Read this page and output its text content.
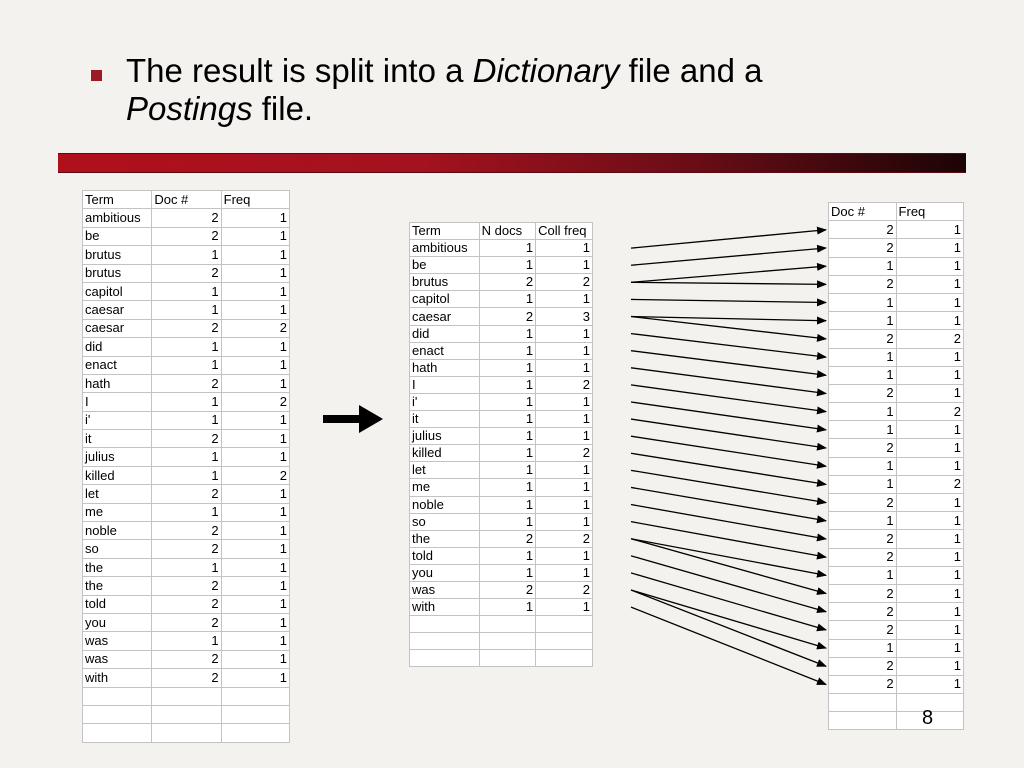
The result is split into a Dictionary file and a
Postings file.
Term	Doc #	Freq
ambitious	2	1
be	2	1
brutus	1	1
brutus	2	1
capitol	1	1
caesar	1	1
caesar	2	2
did	1	1
enact	1	1
hath	2	1
I	1	2
i'	1	1
it	2	1
julius	1	1
killed	1	2
let	2	1
me	1	1
noble	2	1
so	2	1
the	1	1
the	2	1
told	2	1
you	2	1
was	1	1
was	2	1
with	2	1

Term	N docs	Coll freq
ambitious	1	1
be	1	1
brutus	2	2
capitol	1	1
caesar	2	3
did	1	1
enact	1	1
hath	1	1
I	1	2
i'	1	1
it	1	1
julius	1	1
killed	1	2
let	1	1
me	1	1
noble	1	1
so	1	1
the	2	2
told	1	1
you	1	1
was	2	2
with	1	1

Doc #	Freq
2	1
2	1
1	1
2	1
1	1
1	1
2	2
1	1
1	1
2	1
1	2
1	1
2	1
1	1
1	2
2	1
1	1
2	1
2	1
1	1
2	1
2	1
2	1
1	1
2	1
2	1

8
